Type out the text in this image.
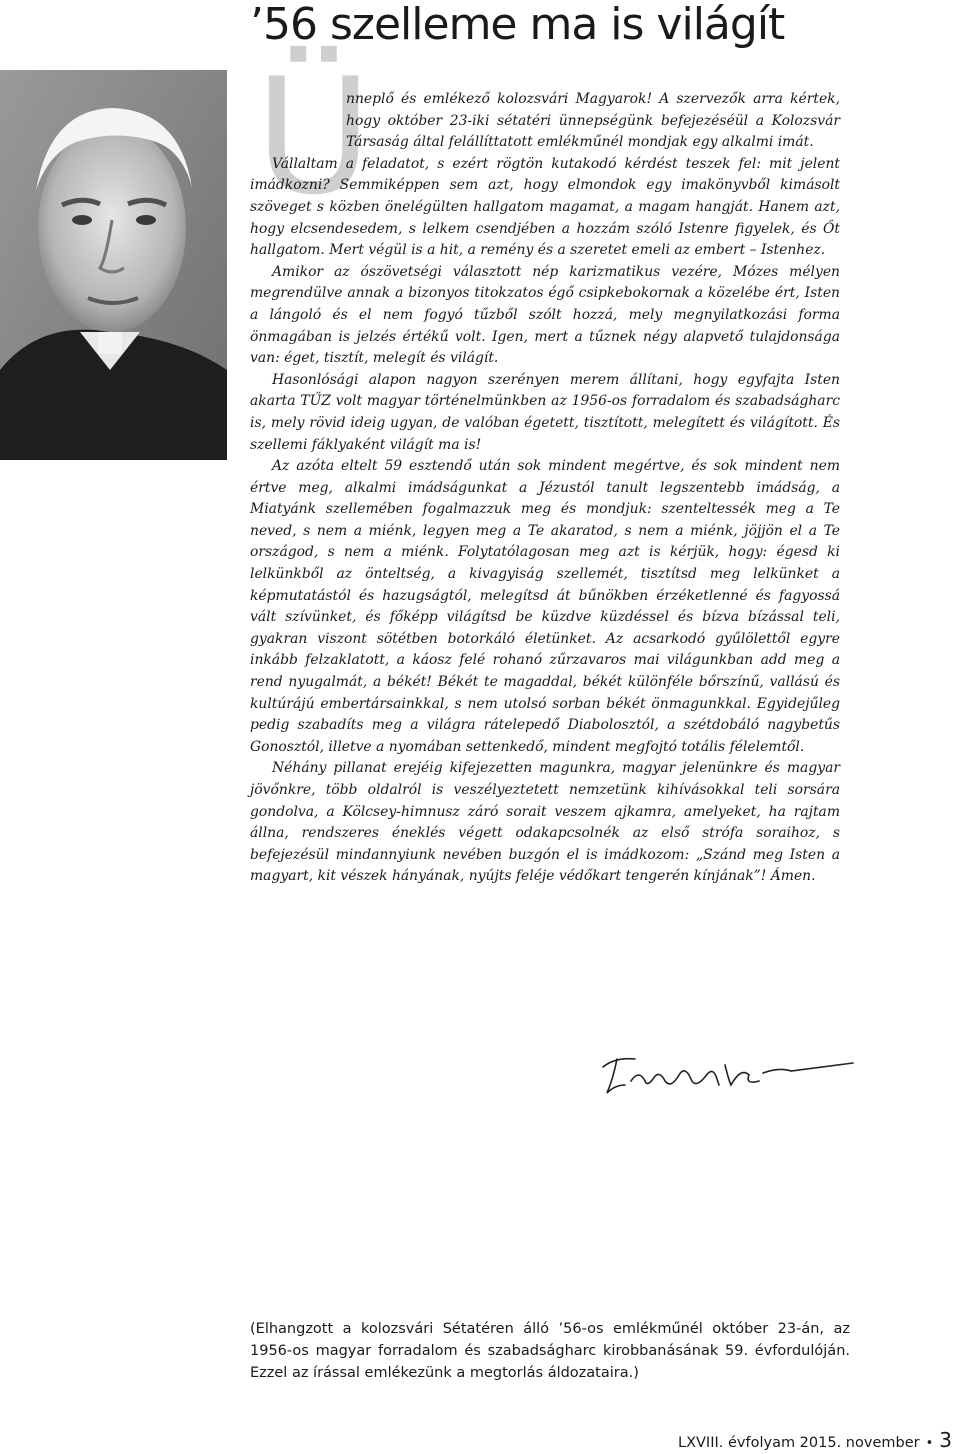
’56 szelleme ma is világít
Ü

nneplő és emlékező kolozsvári Magyarok! A szervezők arra kértek, hogy október 23-iki sétatéri ünnepségünk befejezéséül a Kolozsvár Társaság által felállíttatott emlékműnél mondjak egy alkalmi imát.

Vállaltam a feladatot, s ezért rögtön kutakodó kérdést teszek fel: mit jelent imádkozni? Semmiképpen sem azt, hogy elmondok egy imakönyvből kimásolt szöveget s közben önelégülten hallgatom magamat, a magam hangját. Hanem azt, hogy elcsendesedem, s lelkem csendjében a hozzám szóló Istenre figyelek, és Őt hallgatom. Mert végül is a hit, a remény és a szeretet emeli az embert – Istenhez.

Amikor az ószövetségi választott nép karizmatikus vezére, Mózes mélyen megrendülve annak a bizonyos titokzatos égő csipkebokornak a közelébe ért, Isten a lángoló és el nem fogyó tűzből szólt hozzá, mely megnyilatkozási forma önmagában is jelzés értékű volt. Igen, mert a tűznek négy alapvető tulajdonsága van: éget, tisztít, melegít és világít.

Hasonlósági alapon nagyon szerényen merem állítani, hogy egyfajta Isten akarta TŰZ volt magyar történelmünkben az 1956-os forradalom és szabadságharc is, mely rövid ideig ugyan, de valóban égetett, tisztított, melegített és világított. És szellemi fáklyaként világít ma is!

Az azóta eltelt 59 esztendő után sok mindent megértve, és sok mindent nem értve meg, alkalmi imádságunkat a Jézustól tanult legszentebb imádság, a Miatyánk szellemében fogalmazzuk meg és mondjuk: szenteltessék meg a Te neved, s nem a miénk, legyen meg a Te akaratod, s nem a miénk, jöjjön el a Te országod, s nem a miénk. Folytatólagosan meg azt is kérjük, hogy: égesd ki lelkünkből az önteltség, a kivagyiság szellemét, tisztítsd meg lelkünket a képmutatástól és hazugságtól, melegítsd át bűnökben érzéketlenné és fagyossá vált szívünket, és főképp világítsd be küzdve küzdéssel és bízva bízással teli, gyakran viszont sötétben botorkáló életünket. Az acsarkodó gyűlölettől egyre inkább felzaklatott, a káosz felé rohanó zűrzavaros mai világunkban add meg a rend nyugalmát, a békét! Békét te magaddal, békét különféle bőrszínű, vallású és kultúrájú embertársainkkal, s nem utolsó sorban békét önmagunkkal. Egyidejűleg pedig szabadíts meg a világra rátelepedő Diabolosztól, a szétdobáló nagybetűs Gonosztól, illetve a nyomában settenkedő, mindent megfojtó totális félelemtől.

Néhány pillanat erejéig kifejezetten magunkra, magyar jelenünkre és magyar jövőnkre, több oldalról is veszélyeztetett nemzetünk kihívásokkal teli sorsára gondolva, a Kölcsey-himnusz záró sorait veszem ajkamra, amelyeket, ha rajtam állna, rendszeres éneklés végett odakapcsolnék az első strófa soraihoz, s befejezésül mindannyiunk nevében buzgón el is imádkozom: „Szánd meg Isten a magyart, kit vészek hányának, nyújts feléje védőkart tengerén kínjának”! Ámen.

(Elhangzott a kolozsvári Sétatéren álló ’56-os emlékműnél október 23-án, az 1956-os magyar forradalom és szabadságharc kirobbanásának 59. évfordulóján. Ezzel az írással emlékezünk a megtorlás áldozataira.)

LXVIII. évfolyam 2015. november • 3
